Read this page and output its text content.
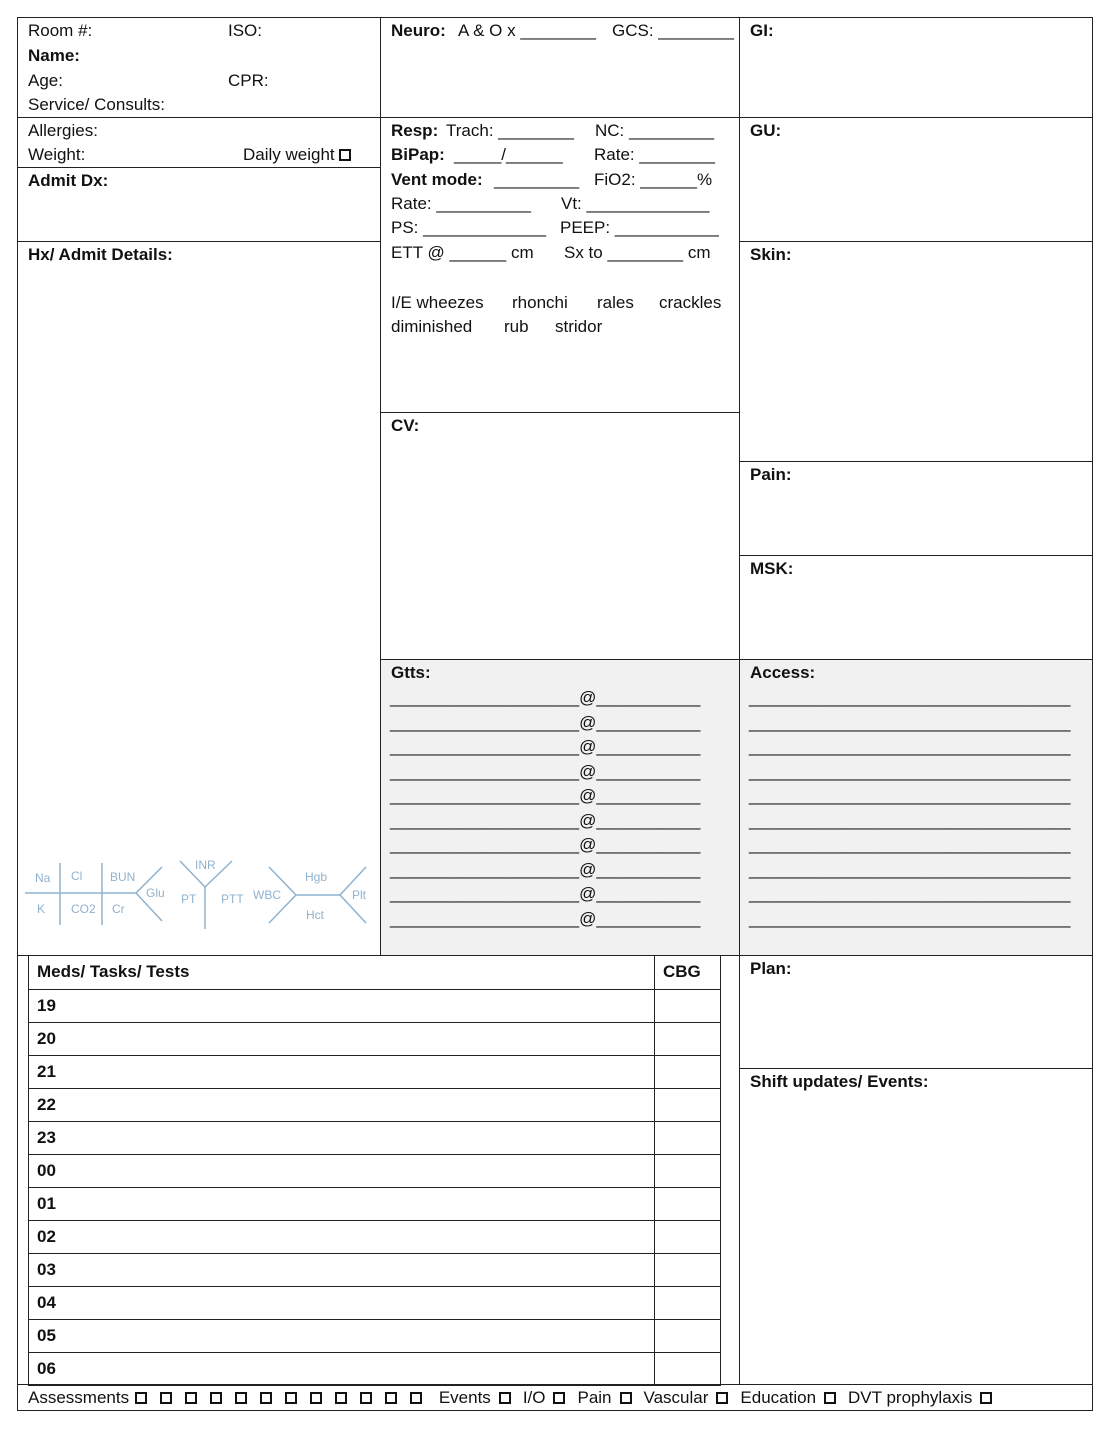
Room #:	ISO:
Name:
Age:	CPR:
Service/ Consults:
Allergies:
Weight:	Daily weight
Admit Dx:
Hx/ Admit Details:
Neuro: A & O x ________ GCS: ________
Resp: Trach: ________ NC: _________
BiPap: _____/______ Rate: ________
Vent mode: _________ FiO2: ______%
Rate: __________ Vt: _____________
PS: _____________ PEEP: ___________
ETT @ ______ cm Sx to ________ cm
I/E wheezes rhonchi rales crackles
diminished rub stridor
CV:
GI:
GU:
Skin:
Pain:
MSK:
Gtts:
____________________@___________
____________________@___________
____________________@___________
____________________@___________
____________________@___________
____________________@___________
____________________@___________
____________________@___________
____________________@___________
____________________@___________
Access:
__________________________________
__________________________________
__________________________________
__________________________________
__________________________________
__________________________________
__________________________________
__________________________________
__________________________________
__________________________________
Na Cl BUN
K CO2 Cr
Glu
INR
PT PTT WBC
Hgb
Hct
Plt
Meds/ Tasks/ Tests	CBG
19	
20	
21	
22	
23	
00	
01	
02	
03	
04	
05	
06	
Plan:
Shift updates/ Events:
Assessments	Events I/O Pain Vascular Education DVT prophylaxis
